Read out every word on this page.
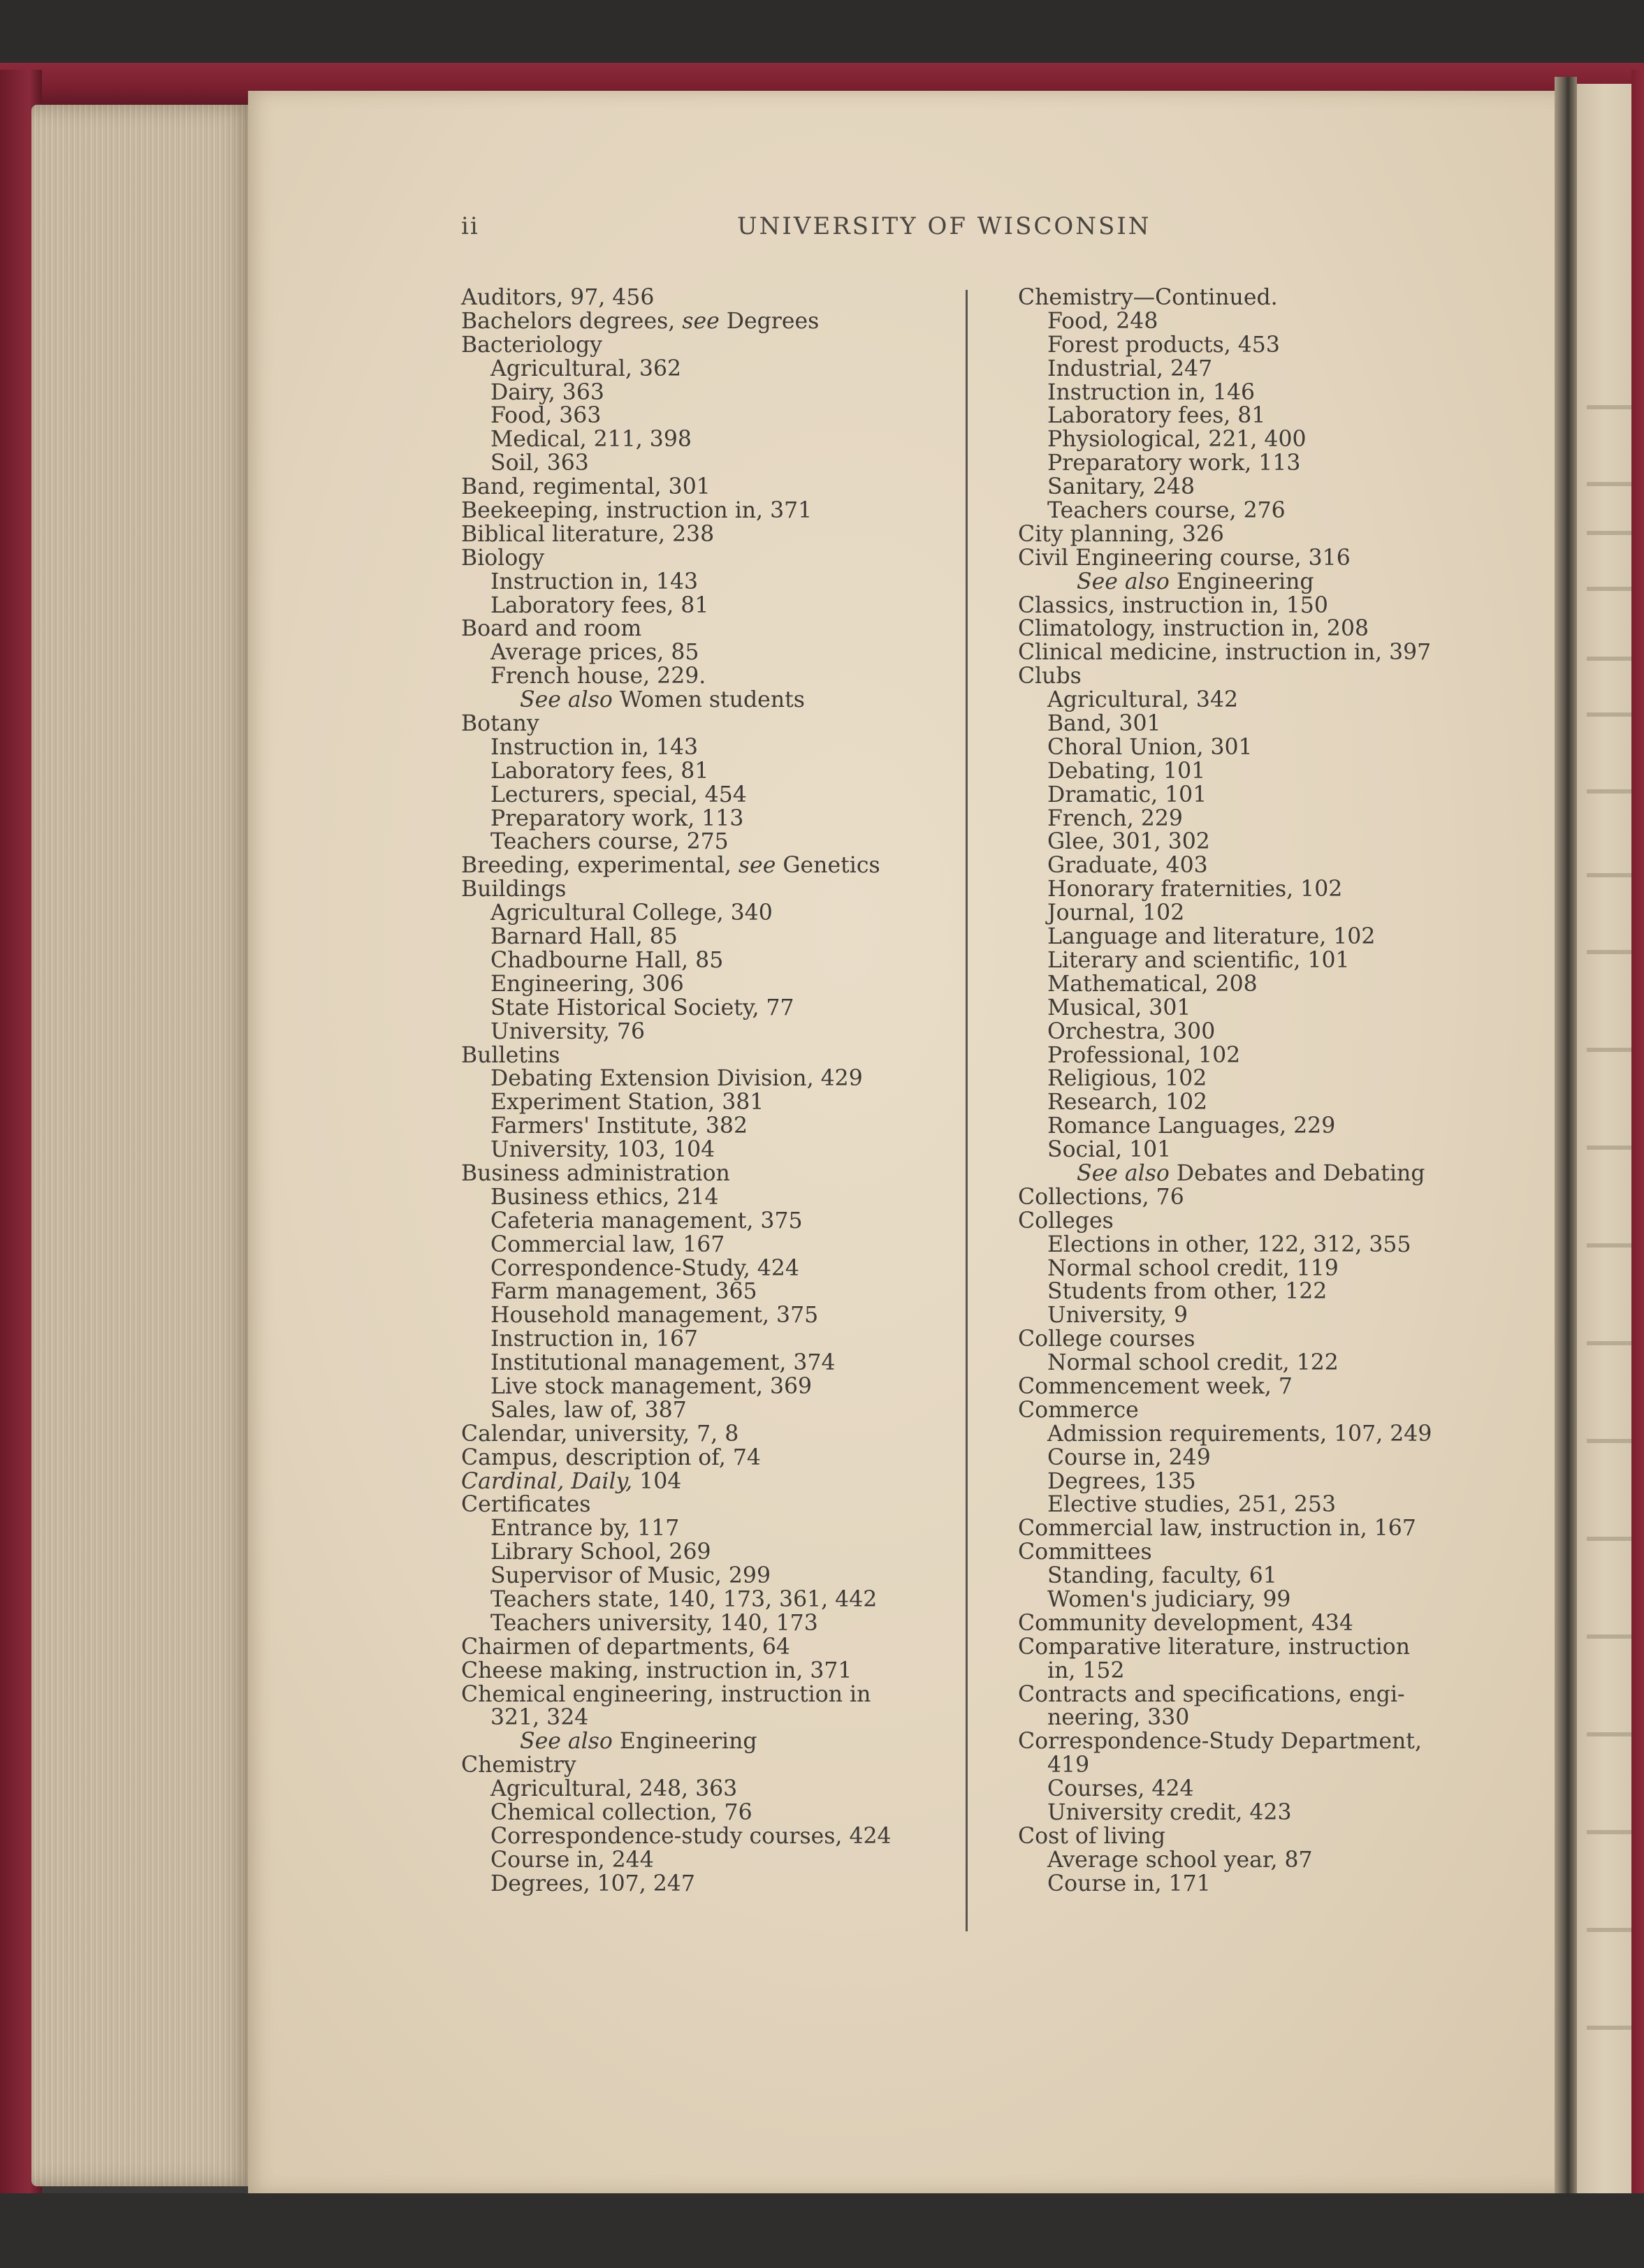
ii	UNIVERSITY OF WISCONSIN
Auditors, 97, 456
Bachelors degrees, see Degrees
Bacteriology
Agricultural, 362
Dairy, 363
Food, 363
Medical, 211, 398
Soil, 363
Band, regimental, 301
Beekeeping, instruction in, 371
Biblical literature, 238
Biology
Instruction in, 143
Laboratory fees, 81
Board and room
Average prices, 85
French house, 229.
See also Women students
Botany
Instruction in, 143
Laboratory fees, 81
Lecturers, special, 454
Preparatory work, 113
Teachers course, 275
Breeding, experimental, see Genetics
Buildings
Agricultural College, 340
Barnard Hall, 85
Chadbourne Hall, 85
Engineering, 306
State Historical Society, 77
University, 76
Bulletins
Debating Extension Division, 429
Experiment Station, 381
Farmers' Institute, 382
University, 103, 104
Business administration
Business ethics, 214
Cafeteria management, 375
Commercial law, 167
Correspondence-Study, 424
Farm management, 365
Household management, 375
Instruction in, 167
Institutional management, 374
Live stock management, 369
Sales, law of, 387
Calendar, university, 7, 8
Campus, description of, 74
Cardinal, Daily, 104
Certificates
Entrance by, 117
Library School, 269
Supervisor of Music, 299
Teachers state, 140, 173, 361, 442
Teachers university, 140, 173
Chairmen of departments, 64
Cheese making, instruction in, 371
Chemical engineering, instruction in
321, 324
See also Engineering
Chemistry
Agricultural, 248, 363
Chemical collection, 76
Correspondence-study courses, 424
Course in, 244
Degrees, 107, 247
Chemistry—Continued.
Food, 248
Forest products, 453
Industrial, 247
Instruction in, 146
Laboratory fees, 81
Physiological, 221, 400
Preparatory work, 113
Sanitary, 248
Teachers course, 276
City planning, 326
Civil Engineering course, 316
See also Engineering
Classics, instruction in, 150
Climatology, instruction in, 208
Clinical medicine, instruction in, 397
Clubs
Agricultural, 342
Band, 301
Choral Union, 301
Debating, 101
Dramatic, 101
French, 229
Glee, 301, 302
Graduate, 403
Honorary fraternities, 102
Journal, 102
Language and literature, 102
Literary and scientific, 101
Mathematical, 208
Musical, 301
Orchestra, 300
Professional, 102
Religious, 102
Research, 102
Romance Languages, 229
Social, 101
See also Debates and Debating
Collections, 76
Colleges
Elections in other, 122, 312, 355
Normal school credit, 119
Students from other, 122
University, 9
College courses
Normal school credit, 122
Commencement week, 7
Commerce
Admission requirements, 107, 249
Course in, 249
Degrees, 135
Elective studies, 251, 253
Commercial law, instruction in, 167
Committees
Standing, faculty, 61
Women's judiciary, 99
Community development, 434
Comparative literature, instruction
in, 152
Contracts and specifications, engi-
neering, 330
Correspondence-Study Department,
419
Courses, 424
University credit, 423
Cost of living
Average school year, 87
Course in, 171
